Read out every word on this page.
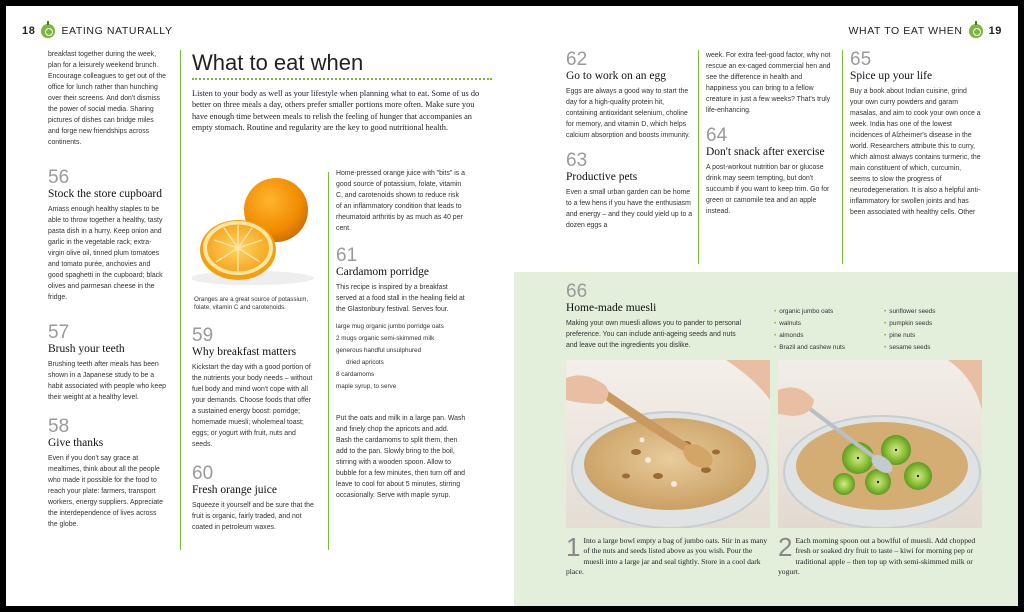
18 EATING NATURALLY	WHAT TO EAT WHEN 19

breakfast together during the week, plan for a leisurely weekend brunch. Encourage colleagues to get out of the office for lunch rather than hunching over their screens. And don't dismiss the power of social media. Sharing pictures of dishes can bridge miles and forge new friendships across continents.

56
Stock the store cupboard

Amass enough healthy staples to be able to throw together a healthy, tasty pasta dish in a hurry. Keep onion and garlic in the vegetable rack; extra-virgin olive oil, tinned plum tomatoes and tomato purée, anchovies and good spaghetti in the cupboard; black olives and parmesan cheese in the fridge.

57
Brush your teeth

Brushing teeth after meals has been shown in a Japanese study to be a habit associated with people who keep their weight at a healthy level.

58
Give thanks

Even if you don't say grace at mealtimes, think about all the people who made it possible for the food to reach your plate: farmers, transport workers, energy suppliers. Appreciate the interdependence of lives across the globe.

What to eat when

Listen to your body as well as your lifestyle when planning what to eat. Some of us do better on three meals a day, others prefer smaller portions more often. Make sure you have enough time between meals to relish the feeling of hunger that accompanies an empty stomach. Routine and regularity are the key to good nutritional health.

Oranges are a great source of potassium, folate, vitamin C and carotenoids.

59
Why breakfast matters

Kickstart the day with a good portion of the nutrients your body needs – without fuel body and mind won't cope with all your demands. Choose foods that offer a sustained energy boost: porridge; homemade muesli; wholemeal toast; eggs; or yogurt with fruit, nuts and seeds.

60
Fresh orange juice

Squeeze it yourself and be sure that the fruit is organic, fairly traded, and not coated in petroleum waxes.

Home-pressed orange juice with "bits" is a good source of potassium, folate, vitamin C, and carotenoids shown to reduce risk of an inflammatory condition that leads to rheumatoid arthritis by as much as 40 per cent.

61
Cardamom porridge

This recipe is inspired by a breakfast served at a food stall in the healing field at the Glastonbury festival. Serves four.

large mug organic jumbo porridge oats
2 mugs organic semi-skimmed milk
generous handful unsulphured
dried apricots
8 cardamoms
maple syrup, to serve

Put the oats and milk in a large pan. Wash and finely chop the apricots and add. Bash the cardamoms to split them, then add to the pan. Slowly bring to the boil, stirring with a wooden spoon. Allow to bubble for a few minutes, then turn off and leave to cool for about 5 minutes, stirring occasionally. Serve with maple syrup.

62
Go to work on an egg

Eggs are always a good way to start the day for a high-quality protein hit, containing antioxidant selenium, choline for memory, and vitamin D, which helps calcium absorption and boosts immunity.

63
Productive pets

Even a small urban garden can be home to a few hens if you have the enthusiasm and energy – and they could yield up to a dozen eggs a

week. For extra feel-good factor, why not rescue an ex-caged commercial hen and see the difference in health and happiness you can bring to a fellow creature in just a few weeks? That's truly life-enhancing.

64
Don't snack after exercise

A post-workout nutrition bar or glucose drink may seem tempting, but don't succumb if you want to keep trim. Go for green or camomile tea and an apple instead.

65
Spice up your life

Buy a book about Indian cuisine, grind your own curry powders and garam masalas, and aim to cook your own once a week. India has one of the lowest incidences of Alzheimer's disease in the world. Researchers attribute this to curry, which almost always contains turmeric, the main constituent of which, curcumin, seems to slow the progress of neurodegeneration. It is also a helpful anti-inflammatory for swollen joints and has been associated with healthy cells. Other

66
Home-made muesli

Making your own muesli allows you to pander to personal preference. You can include anti-ageing seeds and nuts and leave out the ingredients you dislike.

• organic jumbo oats
• walnuts
• almonds
• Brazil and cashew nuts
• sunflower seeds
• pumpkin seeds
• pine nuts
• sesame seeds
1 Into a large bowl empty a bag of jumbo oats. Stir in as many of the nuts and seeds listed above as you wish. Pour the muesli into a large jar and seal tightly. Store in a cool dark place.
2 Each morning spoon out a bowlful of muesli. Add chopped fresh or soaked dry fruit to taste – kiwi for morning pep or traditional apple – then top up with semi-skimmed milk or yogurt.
